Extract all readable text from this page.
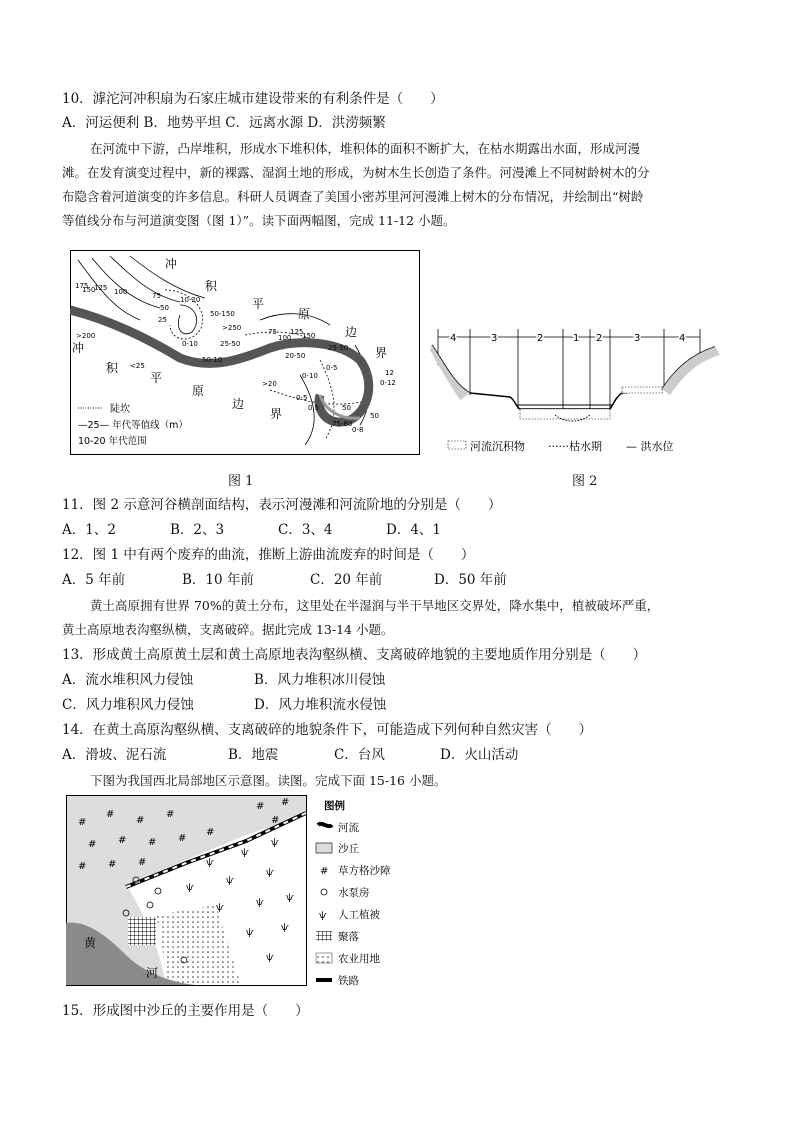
10．滹沱河冲积扇为石家庄城市建设带来的有利条件是（　　）
A．河运便利 B．地势平坦 C．远离水源 D．洪涝频繁
在河流中下游，凸岸堆积，形成水下堆积体，堆积体的面积不断扩大，在枯水期露出水面，形成河漫
滩。在发育演变过程中，新的裸露、湿润土地的形成，为树木生长创造了条件。河漫滩上不同树龄树木的分
布隐含着河道演变的许多信息。科研人员调查了美国小密苏里河河漫滩上树木的分布情况，并绘制出“树龄
等值线分布与河道演变图（图 1）”。读下面两幅图，完成 11-12 小题。
冲
积
平
原
边
界
冲
积
平
原
边
界
175
150
125 100	75
50
25
10-20
50-150
>250	75
100
125
150
25-50
0-10
50-10
<25
>200
20-50
>20
0-10
0-5
75-80
0-8
50
25-50
12
0-12
50
0-5
0.5
陡坎
—25— 年代等值线（m）
10-20 年代范围
4	3	2	1 2	3	4
河流沉积物 ······枯水期 — 洪水位
图 1	图 2
11．图 2 示意河谷横剖面结构，表示河漫滩和河流阶地的分别是（　　）
A．1、2	B．2、3	C．3、4	D．4、1
12．图 1 中有两个废弃的曲流，推断上游曲流废弃的时间是（　　）
A．5 年前	B．10 年前	C．20 年前	D．50 年前
黄土高原拥有世界 70%的黄土分布，这里处在半湿润与半干旱地区交界处，降水集中，植被破坏严重，
黄土高原地表沟壑纵横，支离破碎。据此完成 13-14 小题。
13．形成黄土高原黄土层和黄土高原地表沟壑纵横、支离破碎地貌的主要地质作用分别是（　　）
A．流水堆积风力侵蚀	B．风力堆积冰川侵蚀
C．风力堆积风力侵蚀	D．风力堆积流水侵蚀
14．在黄土高原沟壑纵横、支离破碎的地貌条件下，可能造成下列何种自然灾害（　　）
A．滑坡、泥石流	B．地震	C．台风	D．火山活动
下图为我国西北局部地区示意图。读图。完成下面 15-16 小题。
黄
河
#
#
#
#
# # # #
#
# # #
# #
#
ѱ
ѱ
ѱ
ѱ
ѱ
ѱ
ѱ	ѱ ѱ
ѱ	ѱ
ѱ
图例
河流
沙丘
# 草方格沙障
水泵房
ѱ 人工植被
聚落
农业用地
铁路
15．形成图中沙丘的主要作用是（　　）
